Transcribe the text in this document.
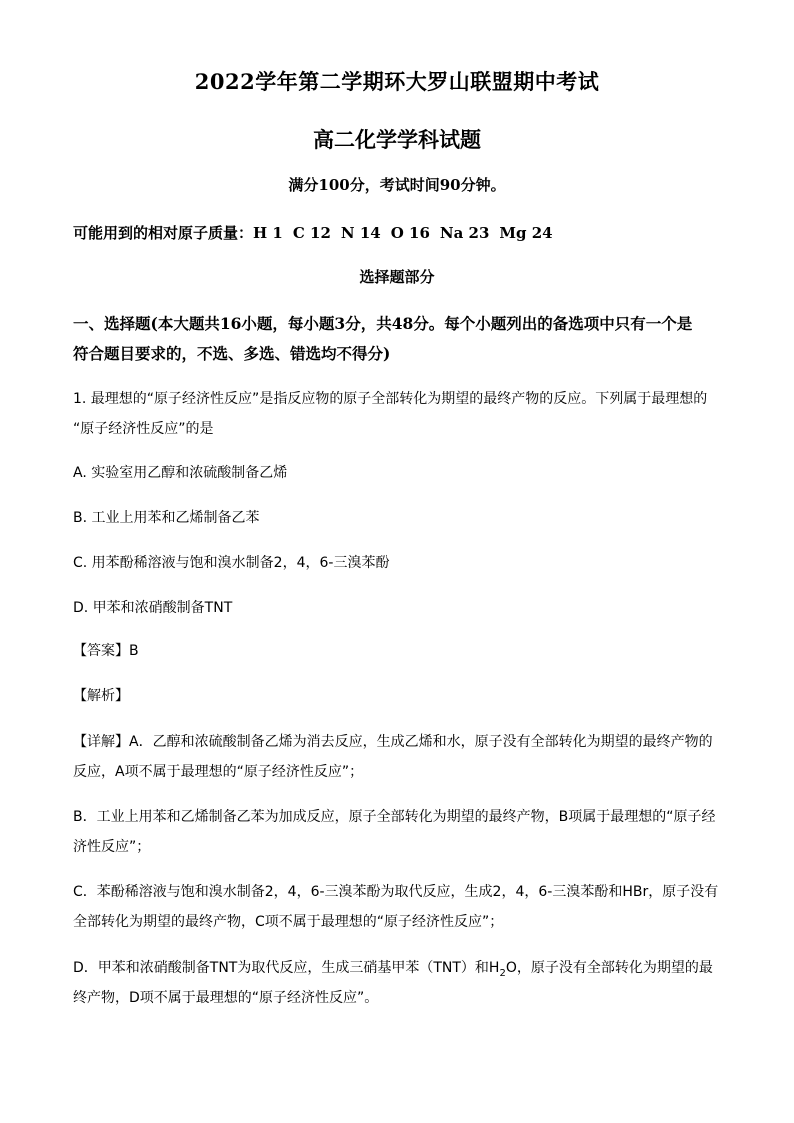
2022学年第二学期环大罗山联盟期中考试
高二化学学科试题
满分100分，考试时间90分钟。
可能用到的相对原子质量：H 1 C 12 N 14 O 16 Na 23 Mg 24
选择题部分
一、选择题(本大题共16小题，每小题3分，共48分。每个小题列出的备选项中只有一个是
符合题目要求的，不选、多选、错选均不得分)
1. 最理想的“原子经济性反应”是指反应物的原子全部转化为期望的最终产物的反应。下列属于最理想的
“原子经济性反应”的是
A. 实验室用乙醇和浓硫酸制备乙烯
B. 工业上用苯和乙烯制备乙苯
C. 用苯酚稀溶液与饱和溴水制备2，4，6-三溴苯酚
D. 甲苯和浓硝酸制备TNT
【答案】B
【解析】
【详解】A．乙醇和浓硫酸制备乙烯为消去反应，生成乙烯和水，原子没有全部转化为期望的最终产物的
反应，A项不属于最理想的“原子经济性反应”；
B．工业上用苯和乙烯制备乙苯为加成反应，原子全部转化为期望的最终产物，B项属于最理想的“原子经
济性反应”；
C．苯酚稀溶液与饱和溴水制备2，4，6-三溴苯酚为取代反应，生成2，4，6-三溴苯酚和HBr，原子没有
全部转化为期望的最终产物，C项不属于最理想的“原子经济性反应”；
D．甲苯和浓硝酸制备TNT为取代反应，生成三硝基甲苯（TNT）和$H_2O$，原子没有全部转化为期望的最
终产物，D项不属于最理想的“原子经济性反应”。
